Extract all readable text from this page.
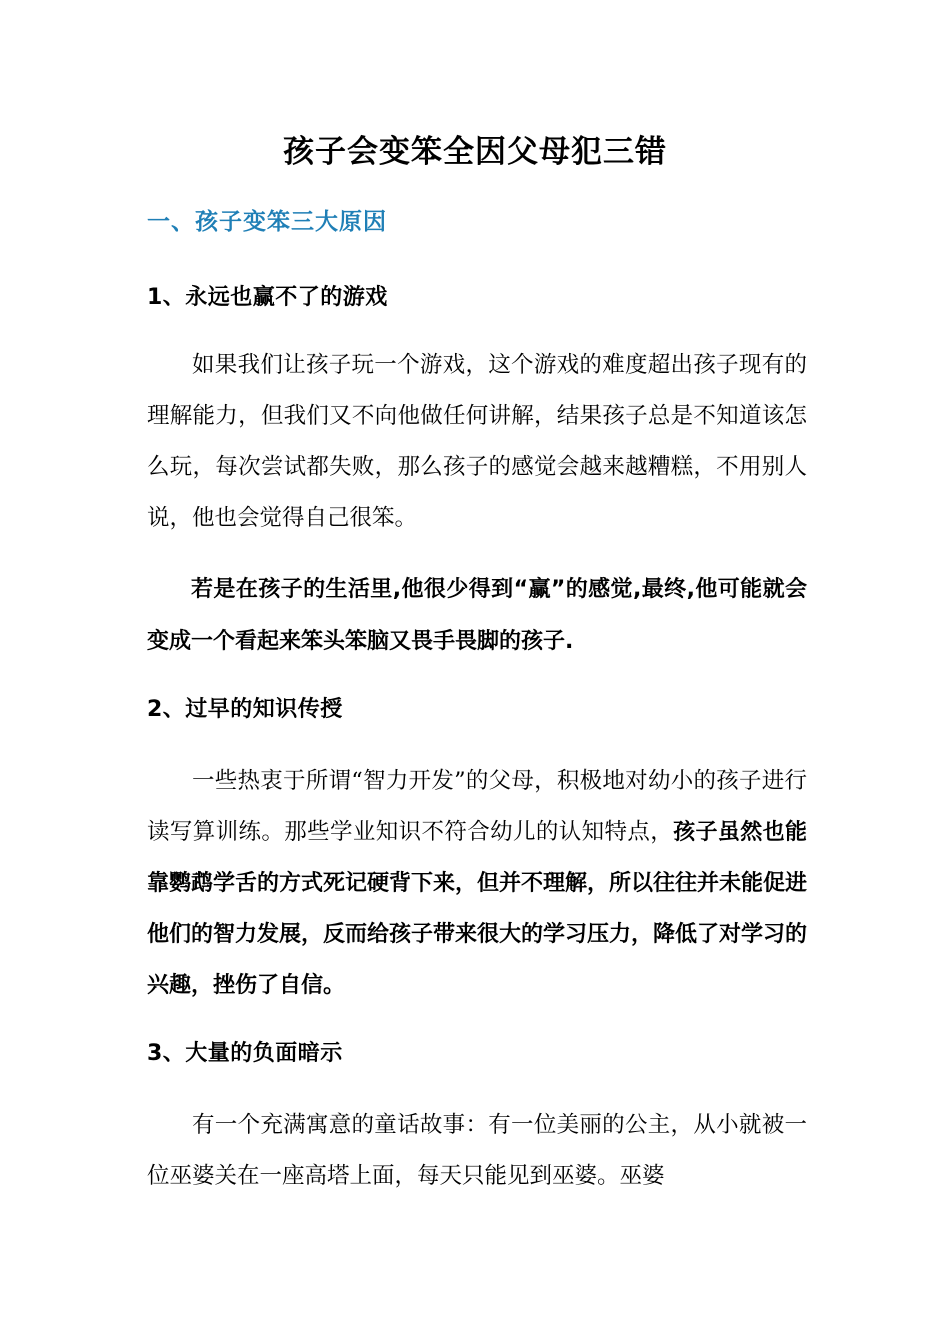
孩子会变笨全因父母犯三错
一、孩子变笨三大原因
1、永远也赢不了的游戏

如果我们让孩子玩一个游戏，这个游戏的难度超出孩子现有的理解能力，但我们又不向他做任何讲解，结果孩子总是不知道该怎么玩，每次尝试都失败，那么孩子的感觉会越来越糟糕，不用别人说，他也会觉得自己很笨。

若是在孩子的生活里,他很少得到“赢”的感觉,最终,他可能就会变成一个看起来笨头笨脑又畏手畏脚的孩子.

2、过早的知识传授

一些热衷于所谓“智力开发”的父母，积极地对幼小的孩子进行读写算训练。那些学业知识不符合幼儿的认知特点，孩子虽然也能靠鹦鹉学舌的方式死记硬背下来，但并不理解，所以往往并未能促进他们的智力发展，反而给孩子带来很大的学习压力，降低了对学习的兴趣，挫伤了自信。

3、大量的负面暗示

有一个充满寓意的童话故事：有一位美丽的公主，从小就被一位巫婆关在一座高塔上面，每天只能见到巫婆。巫婆
